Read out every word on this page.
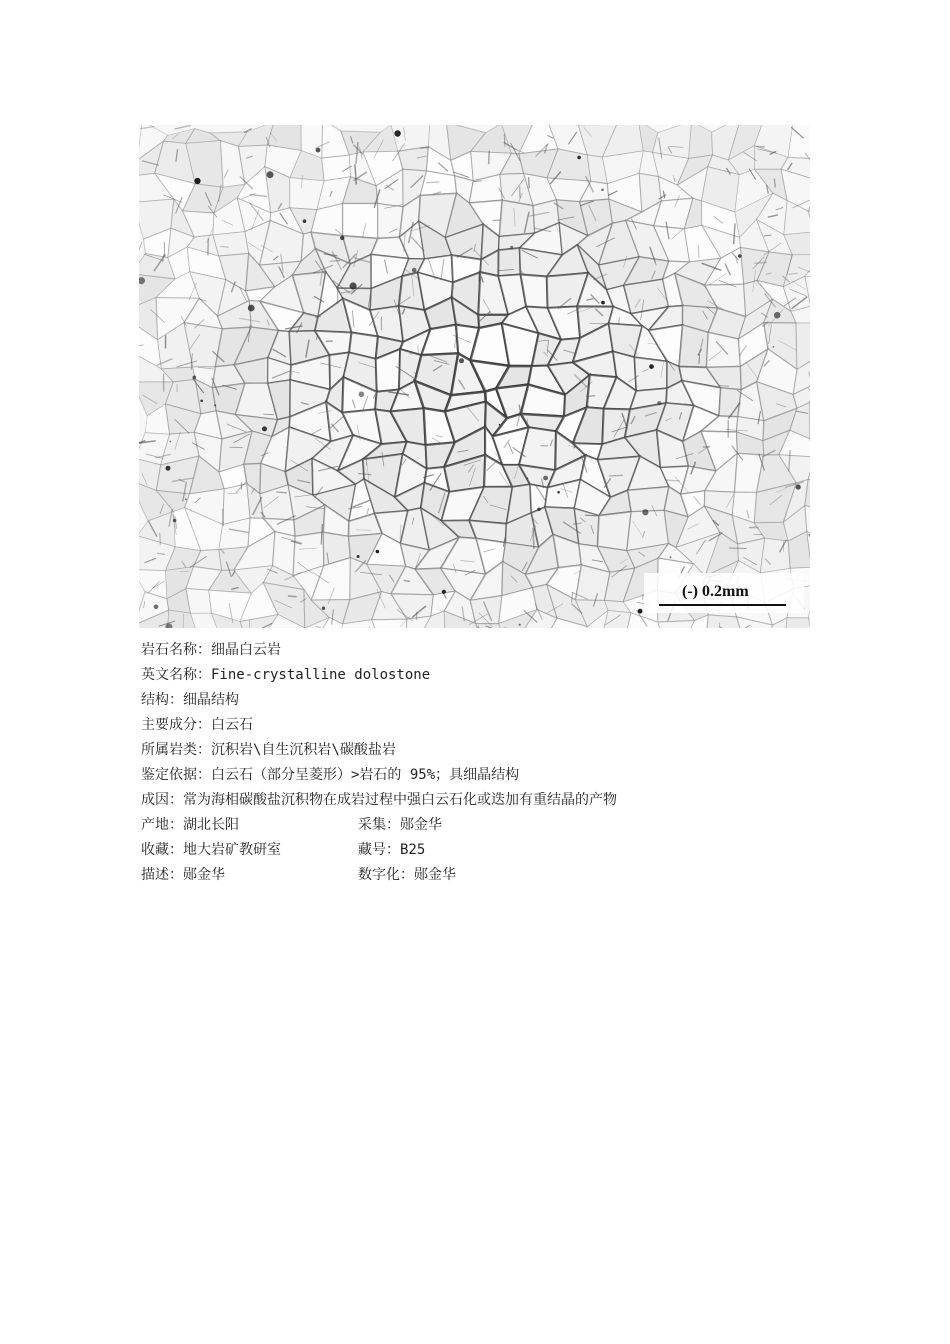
(-) 0.2mm
岩石名称：细晶白云岩
英文名称：Fine-crystalline dolostone
结构：细晶结构
主要成分：白云石
所属岩类：沉积岩\自生沉积岩\碳酸盐岩
鉴定依据：白云石（部分呈菱形）>岩石的 95%；具细晶结构
成因：常为海相碳酸盐沉积物在成岩过程中强白云石化或迭加有重结晶的产物
产地：湖北长阳	采集：郧金华
收藏：地大岩矿教研室	藏号：B25
描述：郧金华	数字化：郧金华
